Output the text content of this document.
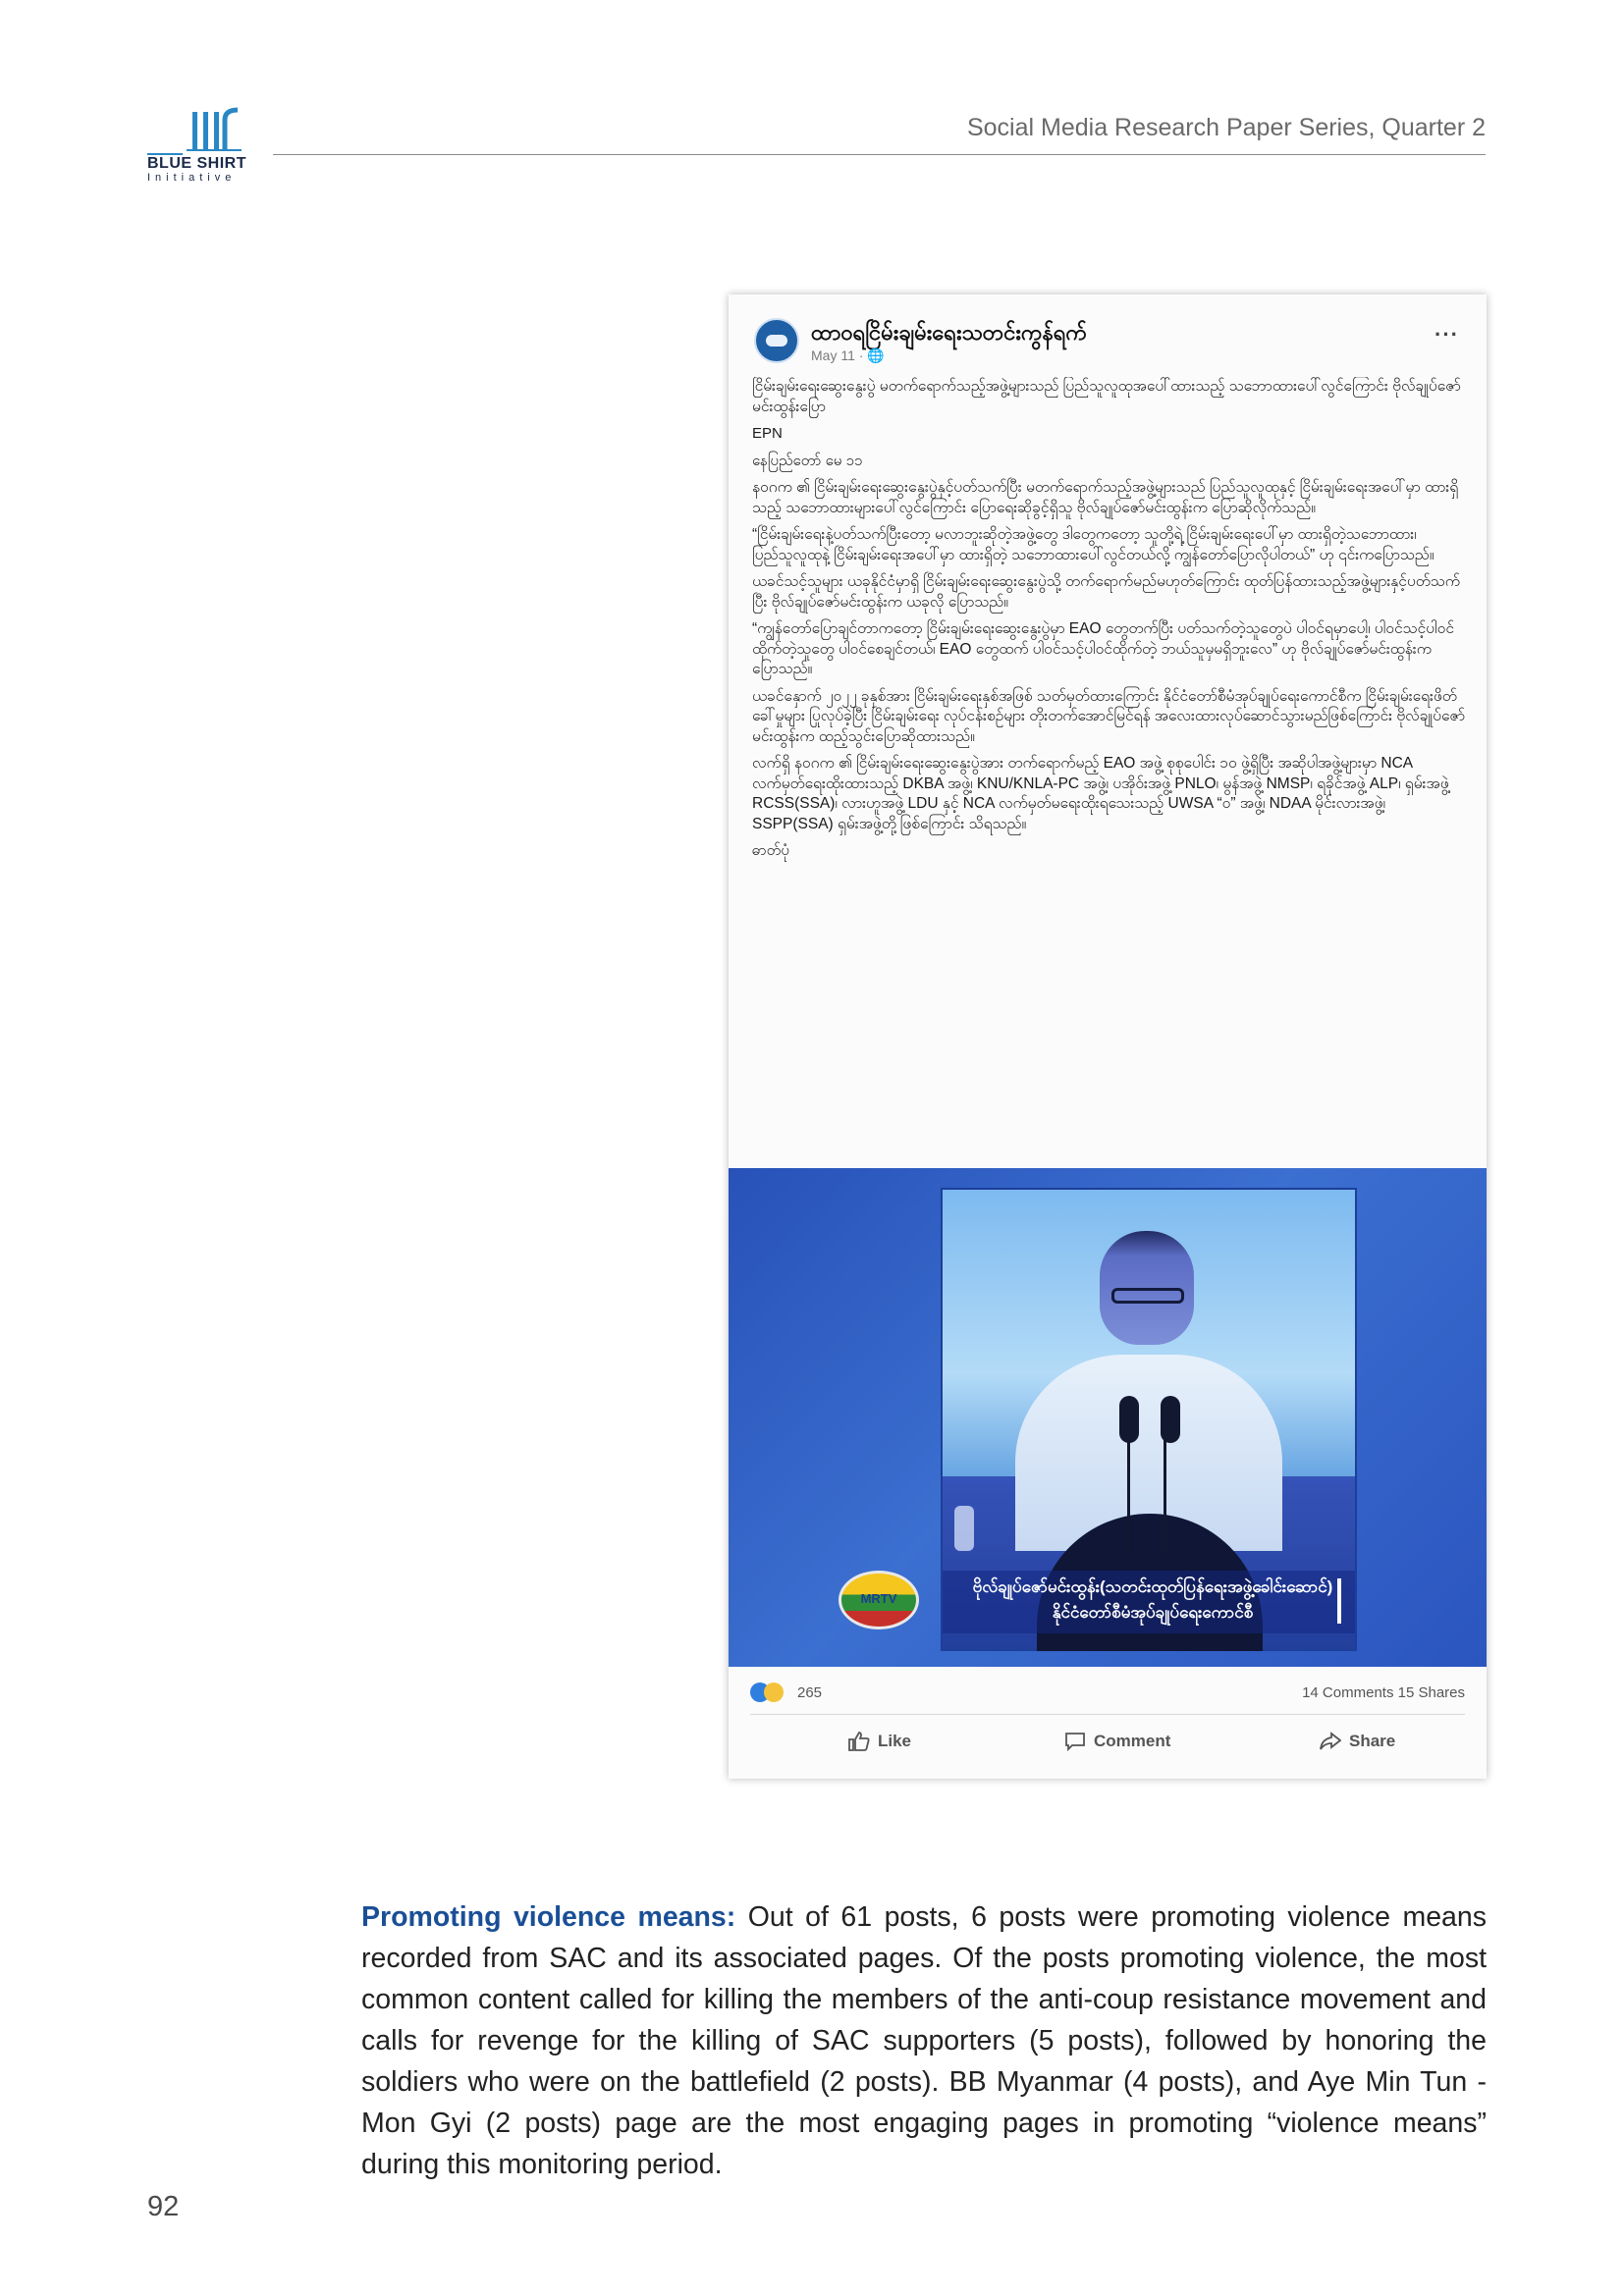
BLUE SHIRT
Initiative
Social Media Research Paper Series, Quarter 2
ထာဝရငြိမ်းချမ်းရေးသတင်းကွန်ရက်
May 11 · 🌐
···

ငြိမ်းချမ်းရေးဆွေးနွေးပွဲ မတက်ရောက်သည့်အဖွဲ့များသည် ပြည်သူလူထုအပေါ်ထားသည့် သဘောထားပေါ်လွင်ကြောင်း ဗိုလ်ချုပ်ဇော်မင်းထွန်းပြော

EPN

နေပြည်တော် မေ ၁၁

နဝဂက ၏ ငြိမ်းချမ်းရေးဆွေးနွေးပွဲနှင့်ပတ်သက်ပြီး မတက်ရောက်သည့်အဖွဲ့များသည် ပြည်သူလူထုနှင့် ငြိမ်းချမ်းရေးအပေါ်မှာ ထားရှိသည့် သဘောထားများပေါ်လွင်ကြောင်း ပြောရေးဆိုခွင့်ရှိသူ ဗိုလ်ချုပ်ဇော်မင်းထွန်းက ပြောဆိုလိုက်သည်။

“ငြိမ်းချမ်းရေးနဲ့ပတ်သက်ပြီးတော့ မလာဘူးဆိုတဲ့အဖွဲ့တွေ ဒါတွေကတော့ သူတို့ရဲ့ ငြိမ်းချမ်းရေးပေါ်မှာ ထားရှိတဲ့သဘောထား၊ ပြည်သူလူထုနဲ့ ငြိမ်းချမ်းရေးအပေါ်မှာ ထားရှိတဲ့ သဘောထားပေါ်လွင်တယ်လို့ ကျွန်တော်ပြောလိုပါတယ်” ဟု ၎င်းကပြောသည်။

ယခင်သင့်သူများ ယခုနိုင်ငံမှာရှိ ငြိမ်းချမ်းရေးဆွေးနွေးပွဲသို့ တက်ရောက်မည်မဟုတ်ကြောင်း ထုတ်ပြန်ထားသည့်အဖွဲ့များနှင့်ပတ်သက်ပြီး ဗိုလ်ချုပ်ဇော်မင်းထွန်းက ယခုလို ပြောသည်။

“ကျွန်တော်ပြောချင်တာကတော့ ငြိမ်းချမ်းရေးဆွေးနွေးပွဲမှာ EAO တွေတက်ပြီး ပတ်သက်တဲ့သူတွေပဲ ပါဝင်ရမှာပေါ့၊ ပါဝင်သင့်ပါဝင်ထိုက်တဲ့သူတွေ ပါဝင်စေချင်တယ်၊ EAO တွေထက် ပါဝင်သင့်ပါဝင်ထိုက်တဲ့ ဘယ်သူမှမရှိဘူးလေ” ဟု ဗိုလ်ချုပ်ဇော်မင်းထွန်းက ပြောသည်။

ယခင်နှောက် ၂၀၂၂ ခုနှစ်အား ငြိမ်းချမ်းရေးနှစ်အဖြစ် သတ်မှတ်ထားကြောင်း နိုင်ငံတော်စီမံအုပ်ချုပ်ရေးကောင်စီက ငြိမ်းချမ်းရေးဖိတ်ခေါ်မှုများ ပြုလုပ်ခဲ့ပြီး ငြိမ်းချမ်းရေး လုပ်ငန်းစဉ်များ တိုးတက်အောင်မြင်ရန် အလေးထားလုပ်ဆောင်သွားမည်ဖြစ်ကြောင်း ဗိုလ်ချုပ်ဇော်မင်းထွန်းက ထည့်သွင်းပြောဆိုထားသည်။

လက်ရှိ နဝဂက ၏ ငြိမ်းချမ်းရေးဆွေးနွေးပွဲအား တက်ရောက်မည့် EAO အဖွဲ့ စုစုပေါင်း ၁၀ ဖွဲ့ရှိပြီး အဆိုပါအဖွဲ့များမှာ NCA လက်မှတ်ရေးထိုးထားသည့် DKBA အဖွဲ့၊ KNU/KNLA-PC အဖွဲ့၊ ပအိုဝ်းအဖွဲ့ PNLO၊ မွန်အဖွဲ့ NMSP၊ ရခိုင်အဖွဲ့ ALP၊ ရှမ်းအဖွဲ့ RCSS(SSA)၊ လားဟူအဖွဲ့ LDU နှင့် NCA လက်မှတ်မရေးထိုးရသေးသည့် UWSA “ဝ” အဖွဲ့၊ NDAA မိုင်းလားအဖွဲ့၊ SSPP(SSA) ရှမ်းအဖွဲ့တို့ဖြစ်ကြောင်း သိရသည်။

ဓာတ်ပုံ

ဗိုလ်ချုပ်ဇော်မင်းထွန်း(သတင်းထုတ်ပြန်ရေးအဖွဲ့ခေါင်းဆောင်)
နိုင်ငံတော်စီမံအုပ်ချုပ်ရေးကောင်စီ
MRTV
265	14 Comments 15 Shares
Like	Comment	Share

Promoting violence means: Out of 61 posts, 6 posts were promoting violence means recorded from SAC and its associated pages. Of the posts promoting violence, the most common content called for killing the members of the anti-coup resistance movement and calls for revenge for the killing of SAC supporters (5 posts), followed by honoring the soldiers who were on the battlefield (2 posts). BB Myanmar (4 posts), and Aye Min Tun - Mon Gyi (2 posts) page are the most engaging pages in promoting “violence means” during this monitoring period.

92
